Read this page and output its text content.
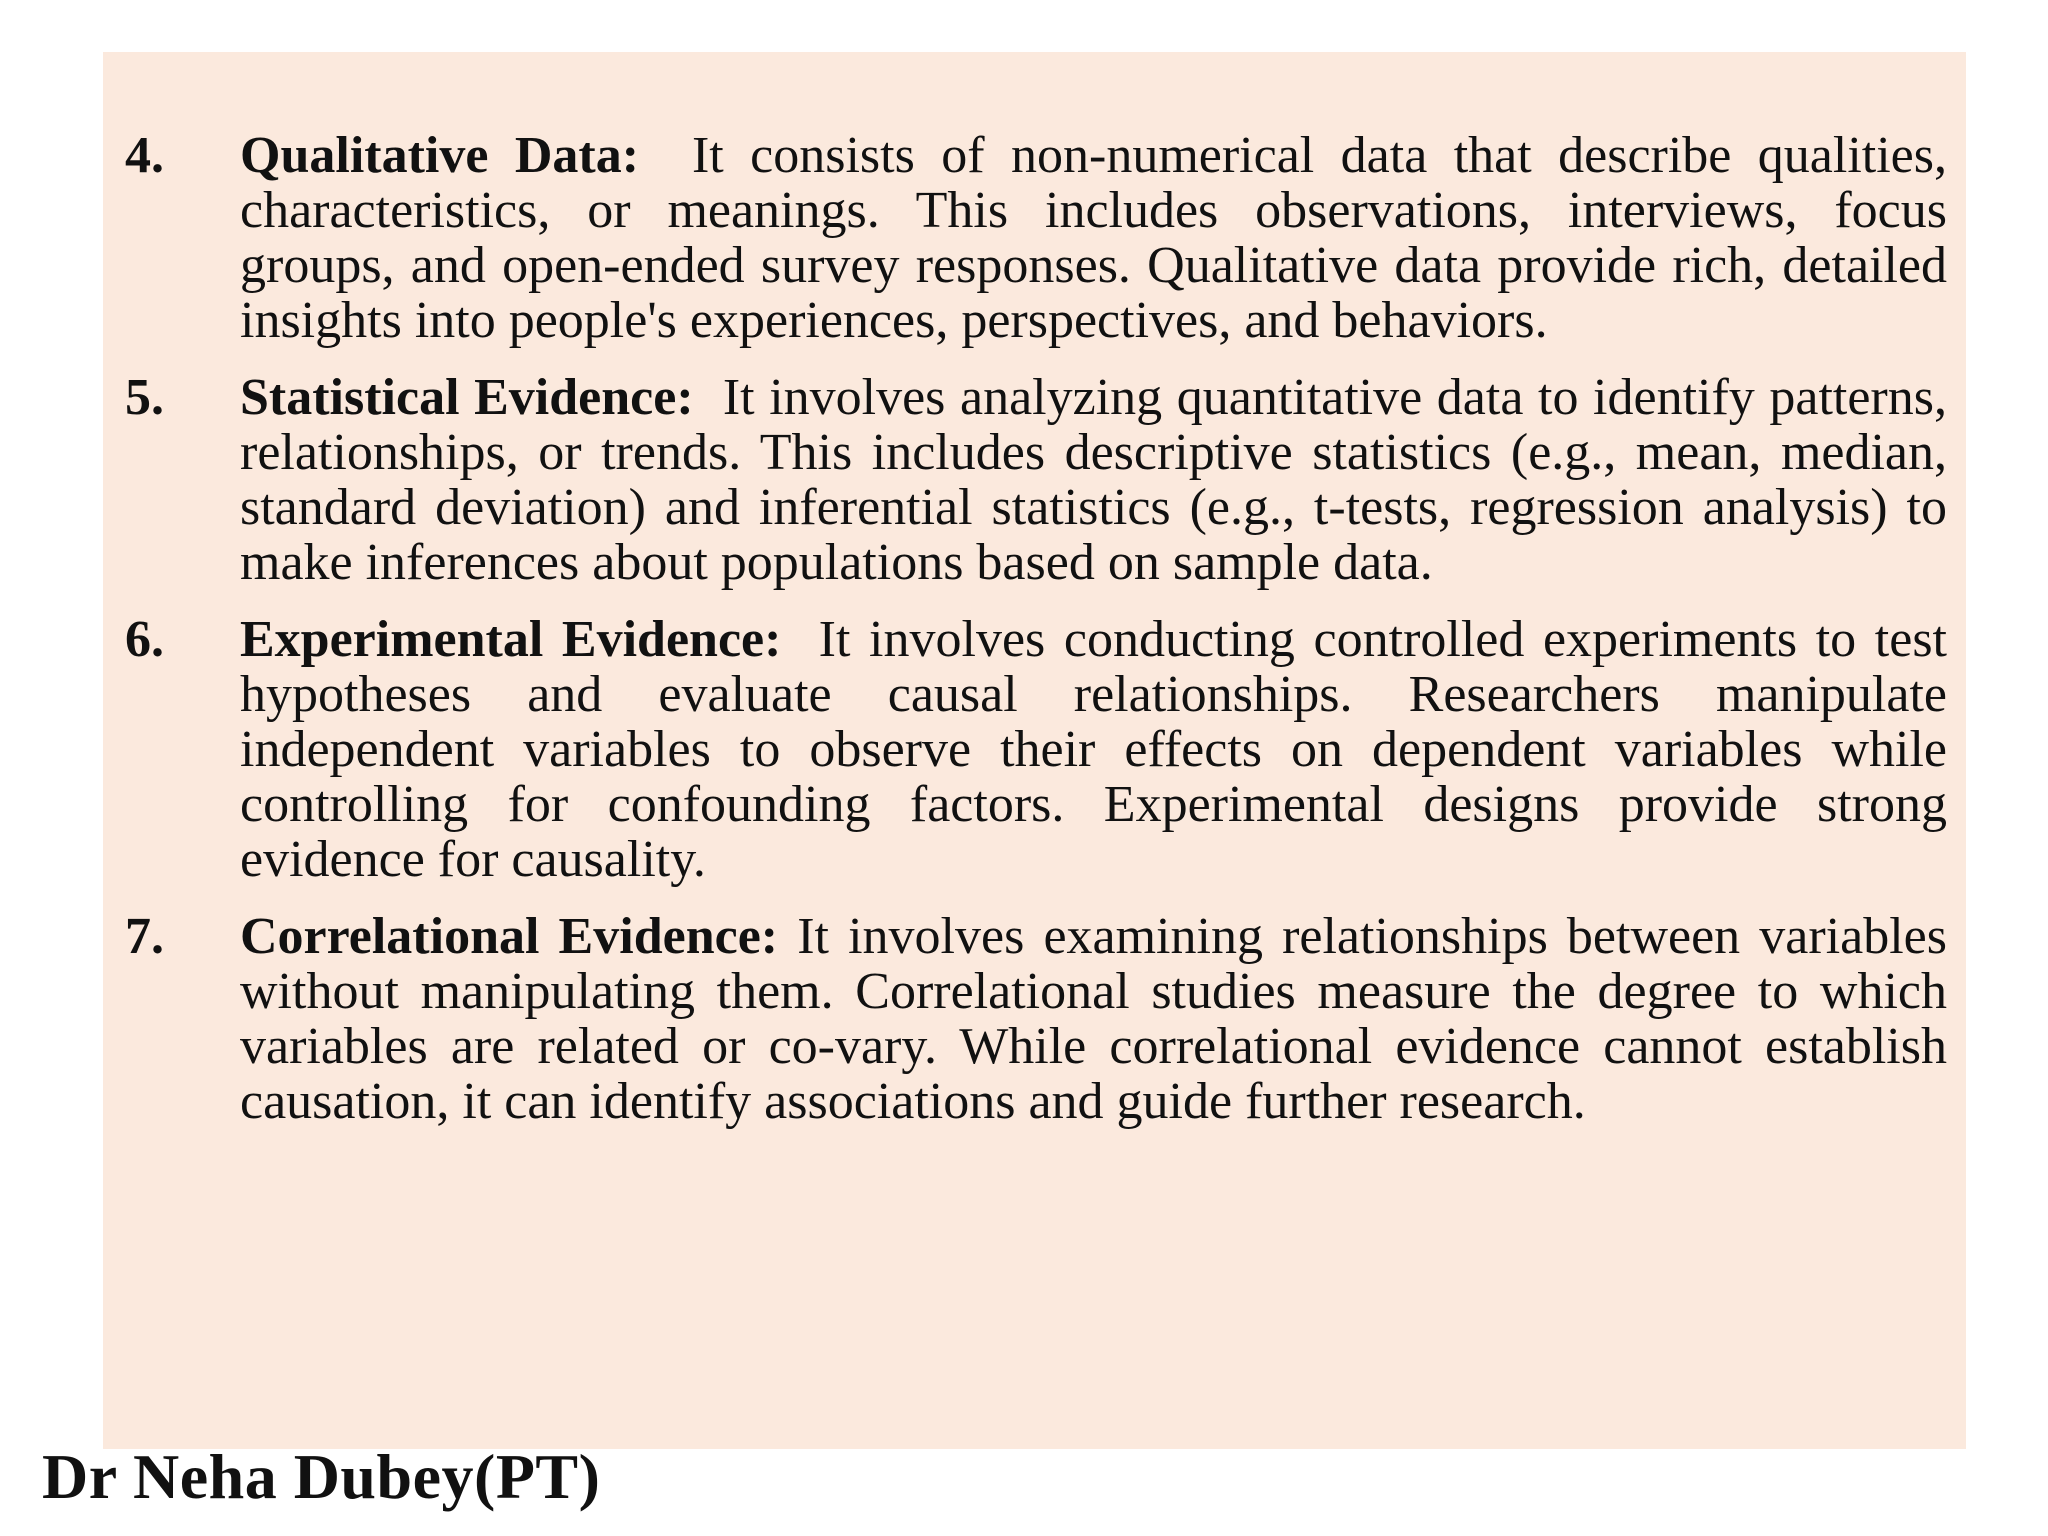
4.	Qualitative Data: It consists of non-numerical data that describe qualities, characteristics, or meanings. This includes observations, interviews, focus groups, and open-ended survey responses. Qualitative data provide rich, detailed insights into people's experiences, perspectives, and behaviors.
5.	Statistical Evidence: It involves analyzing quantitative data to identify patterns, relationships, or trends. This includes descriptive statistics (e.g., mean, median, standard deviation) and inferential statistics (e.g., t-tests, regression analysis) to make inferences about populations based on sample data.
6.	Experimental Evidence: It involves conducting controlled experiments to test hypotheses and evaluate causal relationships. Researchers manipulate independent variables to observe their effects on dependent variables while controlling for confounding factors. Experimental designs provide strong evidence for causality.
7.	Correlational Evidence: It involves examining relationships between variables without manipulating them. Correlational studies measure the degree to which variables are related or co-vary. While correlational evidence cannot establish causation, it can identify associations and guide further research.
Dr Neha Dubey(PT)
